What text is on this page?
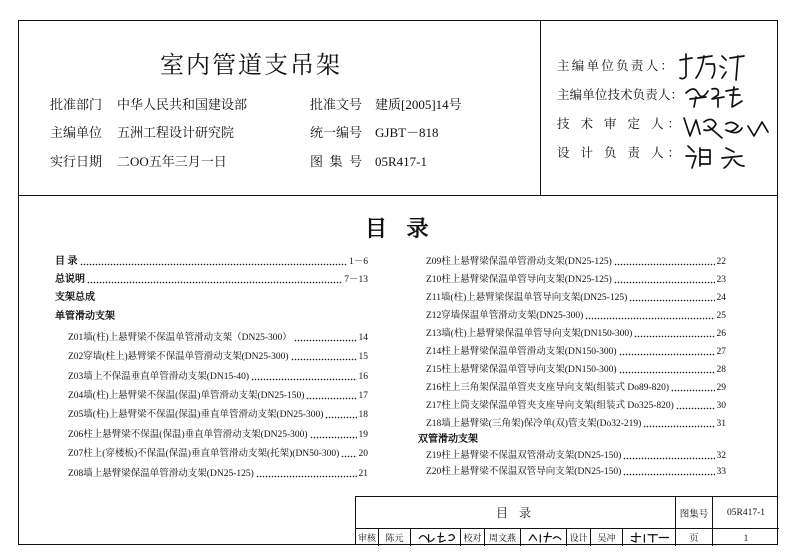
室内管道支吊架
批准部门 中华人民共和国建设部	批准文号 建质[2005]14号
主编单位 五洲工程设计研究院	统一编号 GJBT－818
实行日期 二OO五年三月一日	图 集 号 05R417-1
主编单位负责人：
主编单位技术负责人：
技 术 审 定 人：
设 计 负 责 人：
目 录
目 录	1－6
总说明	7－13
支架总成
单管滑动支架
Z01墙(柱)上悬臂梁不保温单管滑动支架（DN25-300）	14
Z02穿墙(柱上)悬臂梁不保温单管滑动支架(DN25-300)	15
Z03墙上不保温垂直单管滑动支架(DN15-40)	16
Z04墙(柱)上悬臂梁不保温(保温)单管滑动支架(DN25-150)	17
Z05墙(柱)上悬臂梁不保温(保温)垂直单管滑动支架(DN25-300)	18
Z06柱上悬臂梁不保温(保温)垂直单管滑动支架(DN25-300)	19
Z07柱上(穿楼板)不保温(保温)垂直单管滑动支架(托架)(DN50-300) 20
Z08墙上悬臂梁保温单管滑动支架(DN25-125)	21
Z09柱上悬臂梁保温单管滑动支架(DN25-125)	22
Z10柱上悬臂梁保温单管导向支架(DN25-125)	23
Z11墙(柱)上悬臂梁保温单管导向支架(DN25-125)	24
Z12穿墙保温单管滑动支架(DN25-300)	25
Z13墙(柱)上悬臂梁保温单管导向支架(DN150-300)	26
Z14柱上悬臂梁保温单管滑动支架(DN150-300)	27
Z15柱上悬臂梁保温单管导向支架(DN150-300)	28
Z16柱上三角架保温单管夹支座导向支架(组装式 Do89-820)	29
Z17柱上筒支梁保温单管夹支座导向支架(组装式 Do325-820)	30
Z18墙上悬臂梁(三角架)保冷单(双)管支架(Do32-219)	31
双管滑动支架
Z19柱上悬臂梁不保温双管滑动支架(DN25-150)	32
Z20柱上悬臂梁不保温双管导向支架(DN25-150)	33
目 录	图集号	05R417-1
审核	陈元	校对 周文燕	设计	吴冲	页	1
